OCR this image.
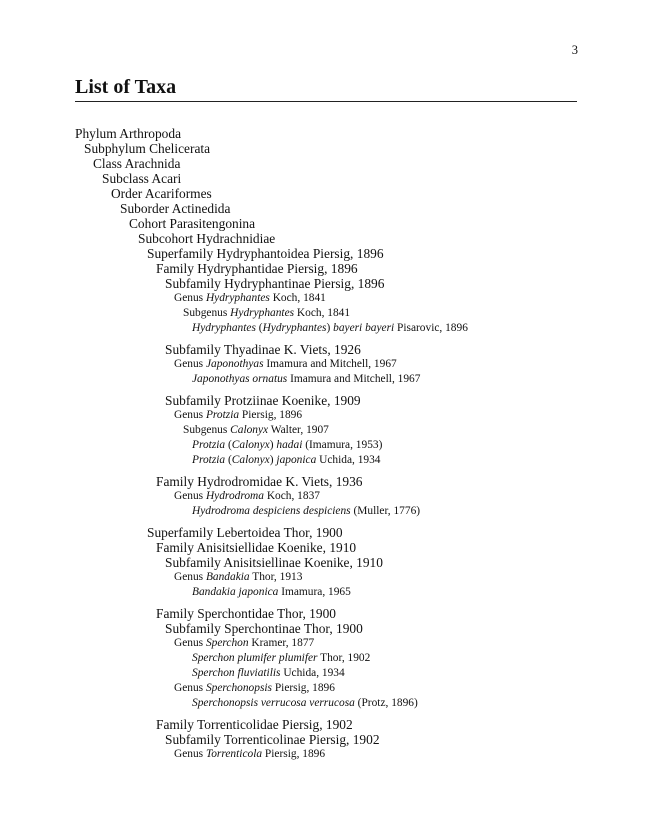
3
List of Taxa
Phylum Arthropoda
Subphylum Chelicerata
Class Arachnida
Subclass Acari
Order Acariformes
Suborder Actinedida
Cohort Parasitengonina
Subcohort Hydrachnidiae
Superfamily Hydryphantoidea Piersig, 1896
Family Hydryphantidae Piersig, 1896
Subfamily Hydryphantinae Piersig, 1896
Genus Hydryphantes Koch, 1841
Subgenus Hydryphantes Koch, 1841
Hydryphantes (Hydryphantes) bayeri bayeri Pisarovic, 1896
Subfamily Thyadinae K. Viets, 1926
Genus Japonothyas Imamura and Mitchell, 1967
Japonothyas ornatus Imamura and Mitchell, 1967
Subfamily Protziinae Koenike, 1909
Genus Protzia Piersig, 1896
Subgenus Calonyx Walter, 1907
Protzia (Calonyx) hadai (Imamura, 1953)
Protzia (Calonyx) japonica Uchida, 1934
Family Hydrodromidae K. Viets, 1936
Genus Hydrodroma Koch, 1837
Hydrodroma despiciens despiciens (Muller, 1776)
Superfamily Lebertoidea Thor, 1900
Family Anisitsiellidae Koenike, 1910
Subfamily Anisitsiellinae Koenike, 1910
Genus Bandakia Thor, 1913
Bandakia japonica Imamura, 1965
Family Sperchontidae Thor, 1900
Subfamily Sperchontinae Thor, 1900
Genus Sperchon Kramer, 1877
Sperchon plumifer plumifer Thor, 1902
Sperchon fluviatilis Uchida, 1934
Genus Sperchonopsis Piersig, 1896
Sperchonopsis verrucosa verrucosa (Protz, 1896)
Family Torrenticolidae Piersig, 1902
Subfamily Torrenticolinae Piersig, 1902
Genus Torrenticola Piersig, 1896
